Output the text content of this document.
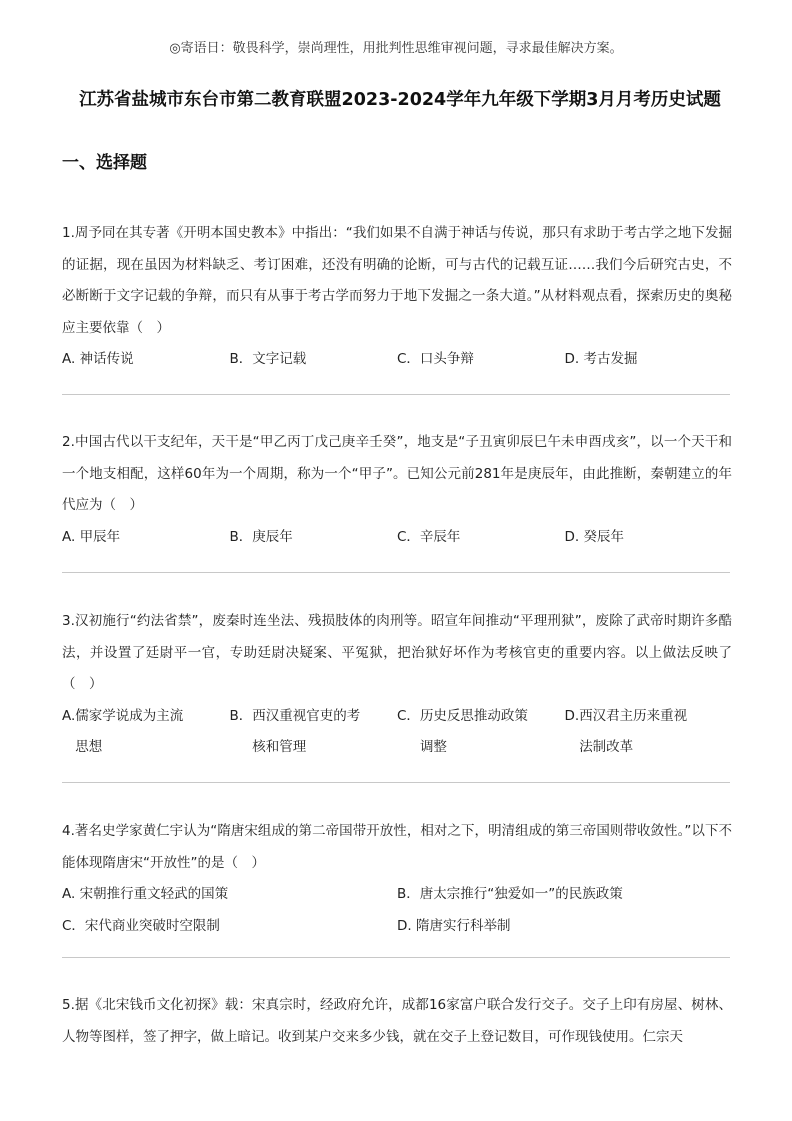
◎寄语日：敬畏科学，崇尚理性，用批判性思维审视问题，寻求最佳解决方案。
江苏省盐城市东台市第二教育联盟2023-2024学年九年级下学期3月月考历史试题
一、选择题

1.周予同在其专著《开明本国史教本》中指出：“我们如果不自满于神话与传说，那只有求助于考古学之地下发掘的证据，现在虽因为材料缺乏、考订困难，还没有明确的论断，可与古代的记载互证……我们今后研究古史，不必断断于文字记载的争辩，而只有从事于考古学而努力于地下发掘之一条大道。”从材料观点看，探索历史的奥秘应主要依靠（　）

A. 神话传说	B．文字记载	C．口头争辩	D. 考古发掘

2.中国古代以干支纪年，天干是“甲乙丙丁戊己庚辛壬癸”，地支是“子丑寅卯辰巳午未申酉戌亥”，以一个天干和一个地支相配，这样60年为一个周期，称为一个“甲子”。已知公元前281年是庚辰年，由此推断，秦朝建立的年代应为（　）

A. 甲辰年	B．庚辰年	C．辛辰年	D. 癸辰年

3.汉初施行“约法省禁”，废秦时连坐法、残损肢体的肉刑等。昭宣年间推动“平理刑狱”，废除了武帝时期许多酷法，并设置了廷尉平一官，专助廷尉决疑案、平冤狱，把治狱好坏作为考核官吏的重要内容。以上做法反映了（　）

A. 儒家学说成为主流思想
B． 西汉重视官吏的考核和管理
C． 历史反思推动政策调整
D. 西汉君主历来重视法制改革

4.著名史学家黄仁宇认为“隋唐宋组成的第二帝国带开放性，相对之下，明清组成的第三帝国则带收敛性。”以下不能体现隋唐宋“开放性”的是（　）

A. 宋朝推行重文轻武的国策	B．唐太宗推行“独爱如一”的民族政策
C．宋代商业突破时空限制	D. 隋唐实行科举制

5.据《北宋钱币文化初探》载：宋真宗时，经政府允许，成都16家富户联合发行交子。交子上印有房屋、树林、人物等图样，签了押字，做上暗记。收到某户交来多少钱，就在交子上登记数目，可作现钱使用。仁宗天
